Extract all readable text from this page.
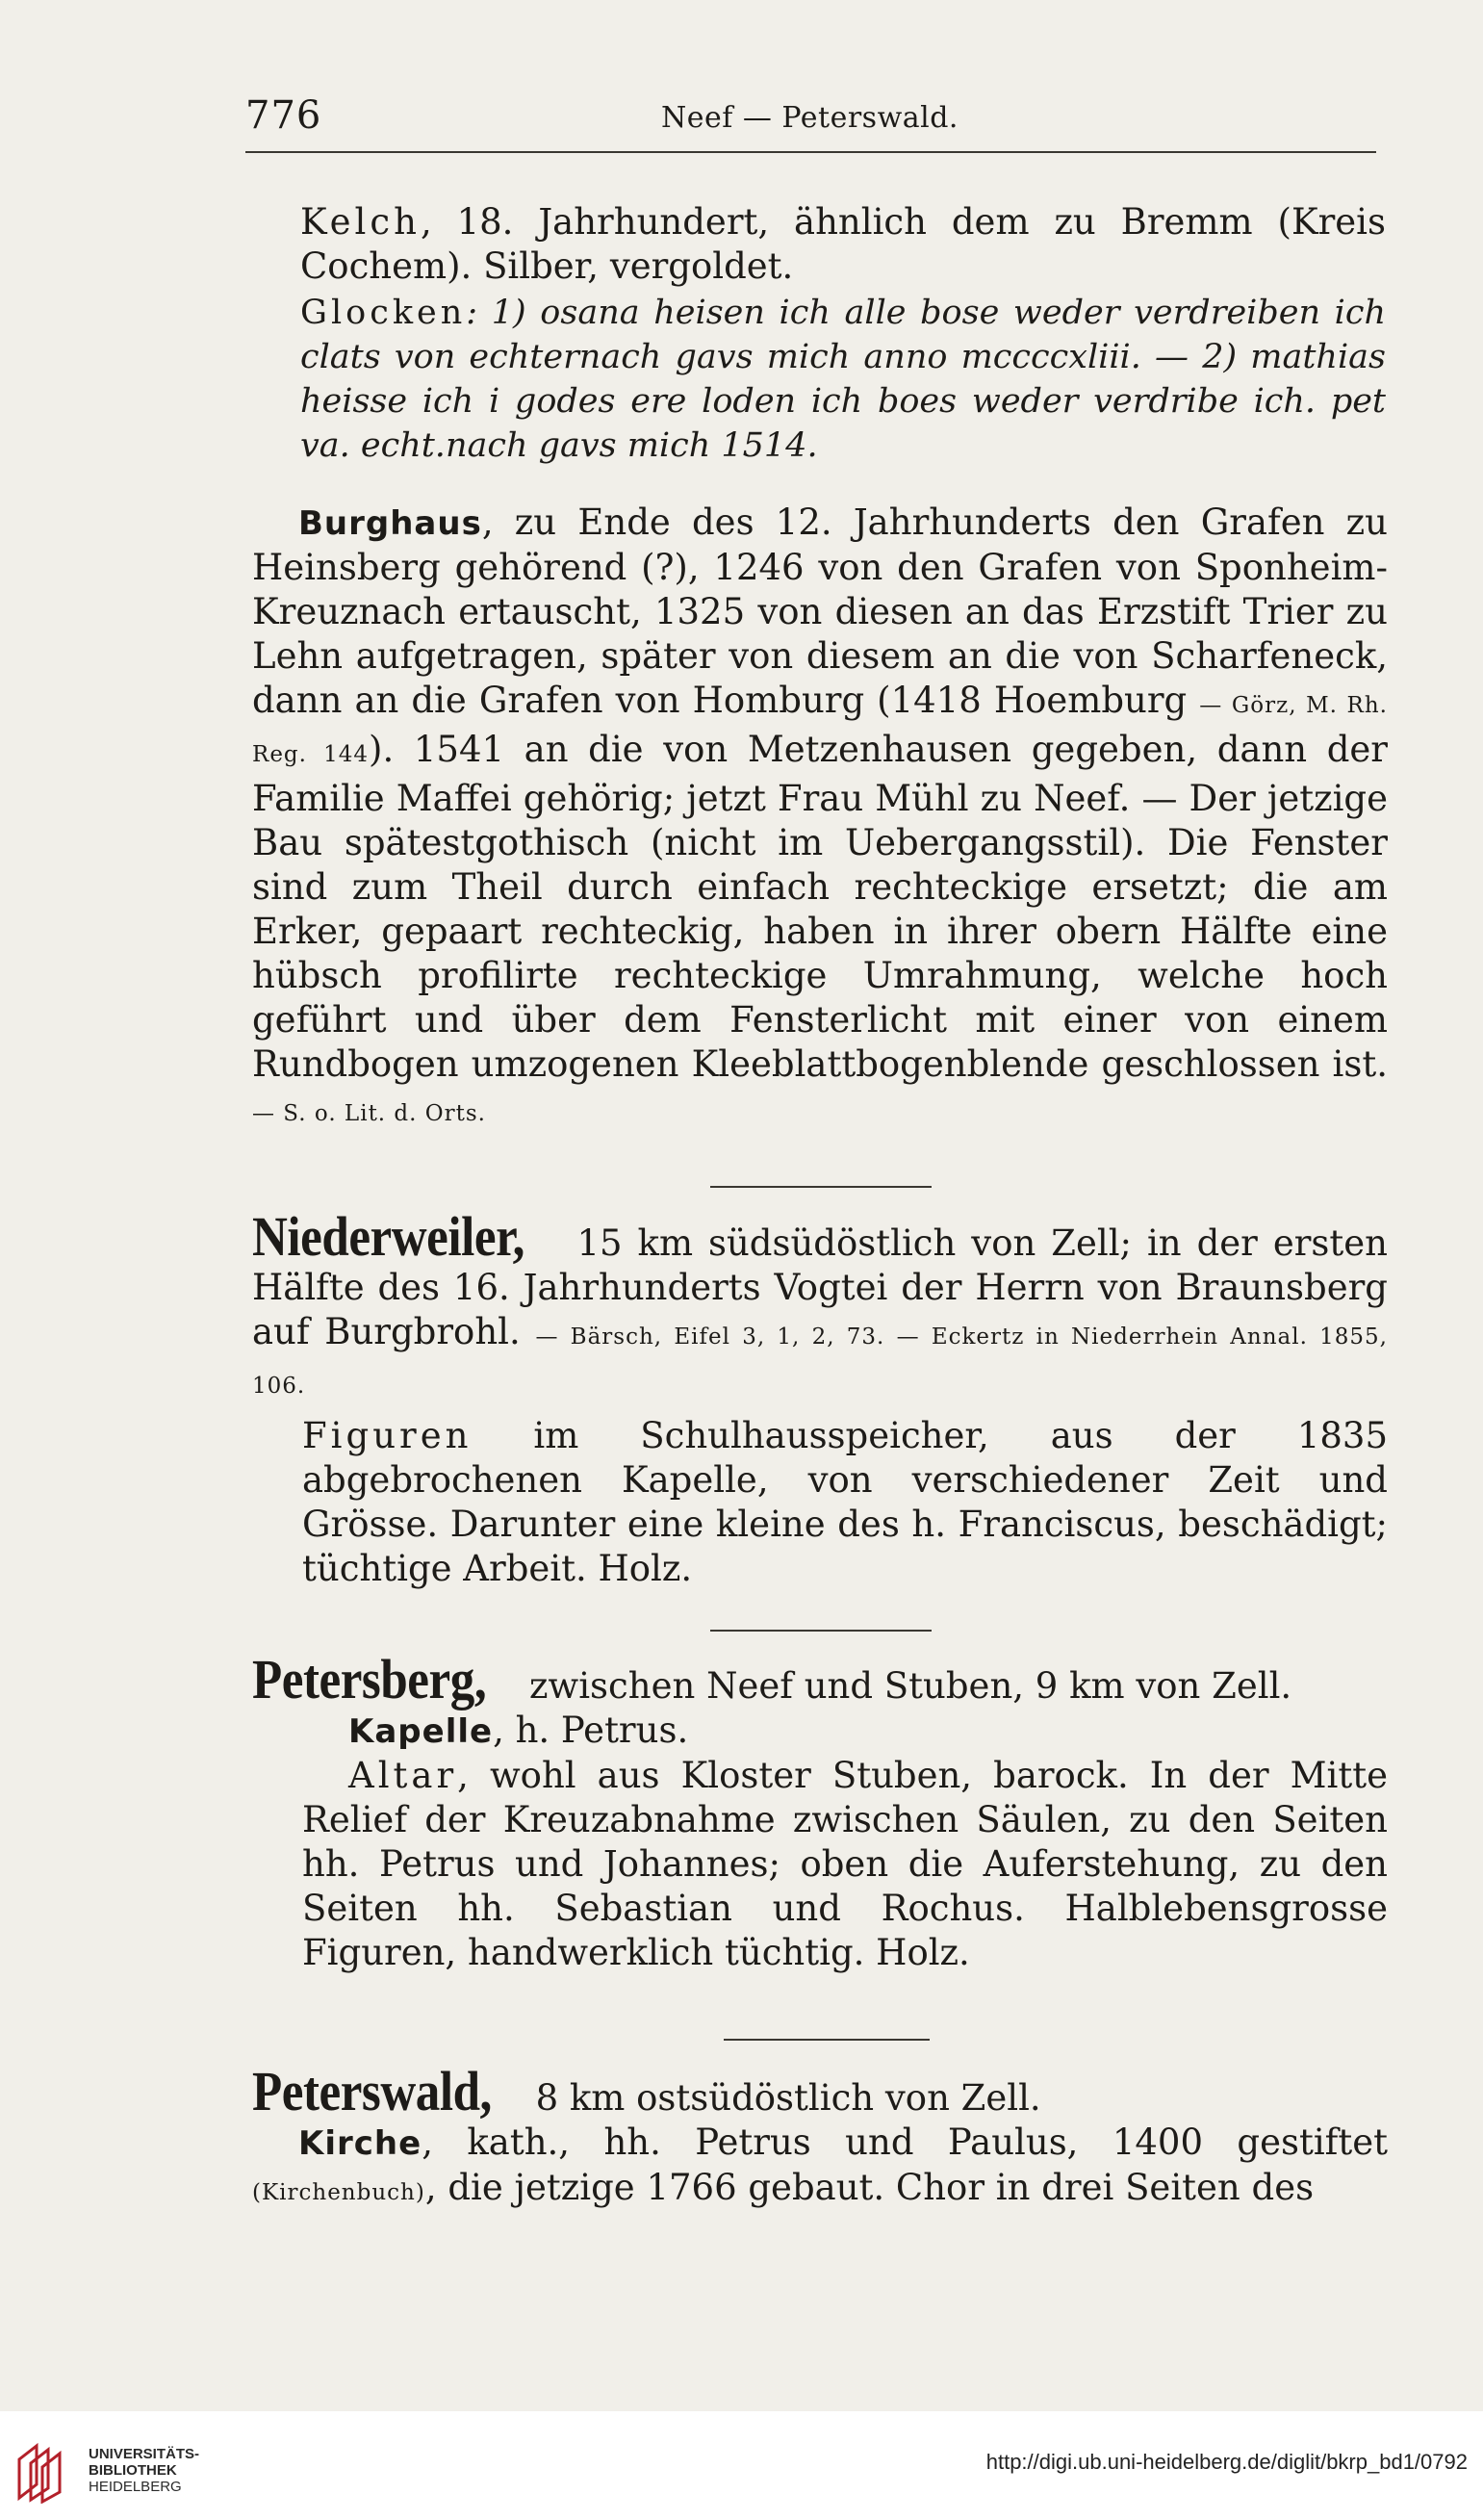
776	Neef — Peterswald.

Kelch, 18. Jahrhundert, ähnlich dem zu Bremm (Kreis Cochem). Silber, vergoldet.

Glocken: 1) osana heisen ich alle bose weder verdreiben ich clats von echternach gavs mich anno mccccxliii. — 2) mathias heisse ich i godes ere loden ich boes weder verdribe ich. pet va. echt.nach gavs mich 1514.

Burghaus, zu Ende des 12. Jahrhunderts den Grafen zu Heinsberg gehörend (?), 1246 von den Grafen von Sponheim-Kreuznach ertauscht, 1325 von diesen an das Erzstift Trier zu Lehn aufgetragen, später von diesem an die von Scharfeneck, dann an die Grafen von Homburg (1418 Hoemburg — Görz, M. Rh. Reg. 144). 1541 an die von Metzenhausen gegeben, dann der Familie Maffei gehörig; jetzt Frau Mühl zu Neef. — Der jetzige Bau spätestgothisch (nicht im Uebergangsstil). Die Fenster sind zum Theil durch einfach rechteckige ersetzt; die am Erker, gepaart rechteckig, haben in ihrer obern Hälfte eine hübsch profilirte rechteckige Umrahmung, welche hoch geführt und über dem Fensterlicht mit einer von einem Rundbogen umzogenen Kleeblattbogenblende geschlossen ist. — S. o. Lit. d. Orts.

Niederweiler, 15 km südsüdöstlich von Zell; in der ersten Hälfte des 16. Jahrhunderts Vogtei der Herrn von Braunsberg auf Burgbrohl. — Bärsch, Eifel 3, 1, 2, 73. — Eckertz in Niederrhein Annal. 1855, 106.

Figuren im Schulhausspeicher, aus der 1835 abgebrochenen Kapelle, von verschiedener Zeit und Grösse. Darunter eine kleine des h. Franciscus, beschädigt; tüchtige Arbeit. Holz.

Petersberg, zwischen Neef und Stuben, 9 km von Zell.

Kapelle, h. Petrus.

Altar, wohl aus Kloster Stuben, barock. In der Mitte Relief der Kreuzabnahme zwischen Säulen, zu den Seiten hh. Petrus und Johannes; oben die Auferstehung, zu den Seiten hh. Sebastian und Rochus. Halblebensgrosse Figuren, handwerklich tüchtig. Holz.

Peterswald, 8 km ostsüdöstlich von Zell.

Kirche, kath., hh. Petrus und Paulus, 1400 gestiftet (Kirchenbuch), die jetzige 1766 gebaut. Chor in drei Seiten des

UNIVERSITÄTS-
BIBLIOTHEK
HEIDELBERG
http://digi.ub.uni-heidelberg.de/diglit/bkrp_bd1/0792
